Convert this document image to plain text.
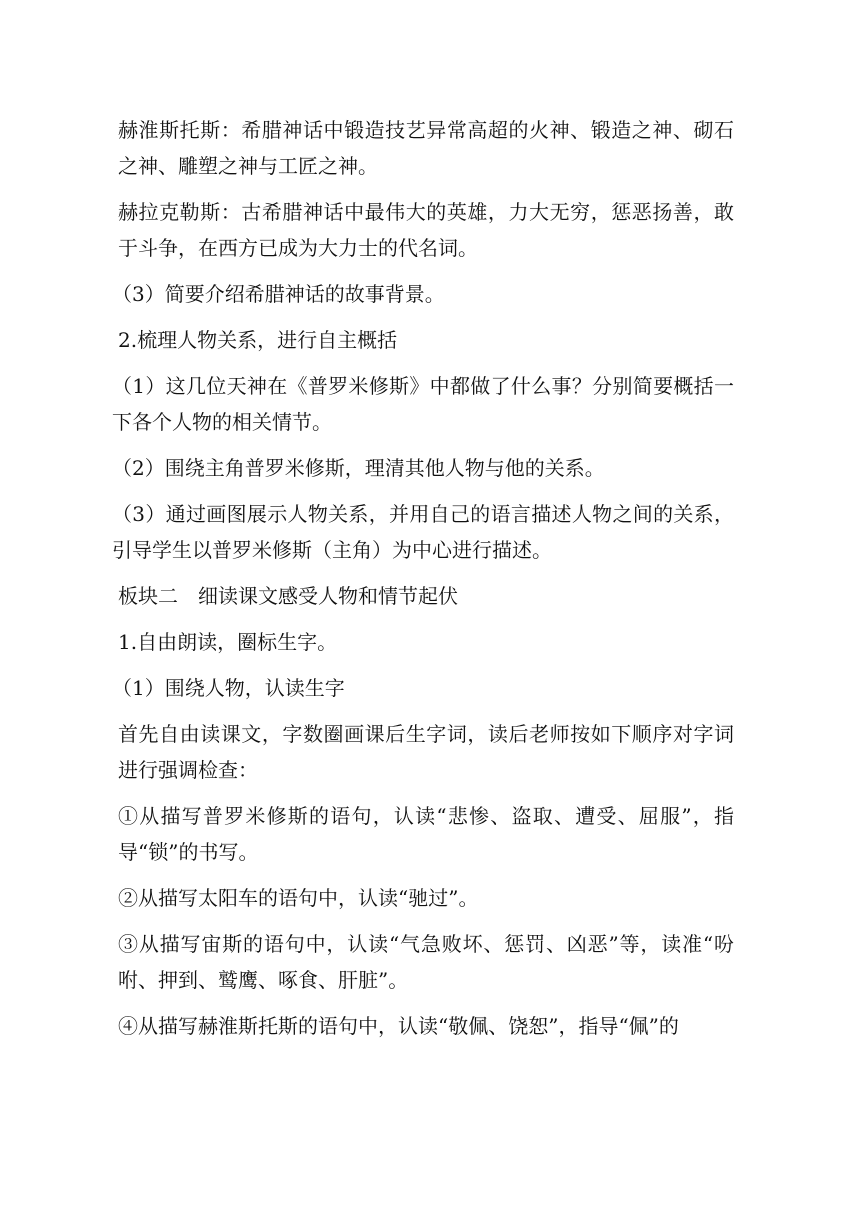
赫淮斯托斯：希腊神话中锻造技艺异常高超的火神、锻造之神、砌石之神、雕塑之神与工匠之神。

赫拉克勒斯：古希腊神话中最伟大的英雄，力大无穷，惩恶扬善，敢于斗争，在西方已成为大力士的代名词。

（3）简要介绍希腊神话的故事背景。

2.梳理人物关系，进行自主概括

（1）这几位天神在《普罗米修斯》中都做了什么事？分别简要概括一下各个人物的相关情节。

（2）围绕主角普罗米修斯，理清其他人物与他的关系。

（3）通过画图展示人物关系，并用自己的语言描述人物之间的关系，引导学生以普罗米修斯（主角）为中心进行描述。

板块二　细读课文感受人物和情节起伏

1.自由朗读，圈标生字。

（1）围绕人物，认读生字

首先自由读课文，字数圈画课后生字词，读后老师按如下顺序对字词进行强调检查：

①从描写普罗米修斯的语句，认读“悲惨、盗取、遭受、屈服”，指导“锁”的书写。

②从描写太阳车的语句中，认读“驰过”。

③从描写宙斯的语句中，认读“气急败坏、惩罚、凶恶”等，读准“吩咐、押到、鹫鹰、啄食、肝脏”。

④从描写赫淮斯托斯的语句中，认读“敬佩、饶恕”，指导“佩”的
